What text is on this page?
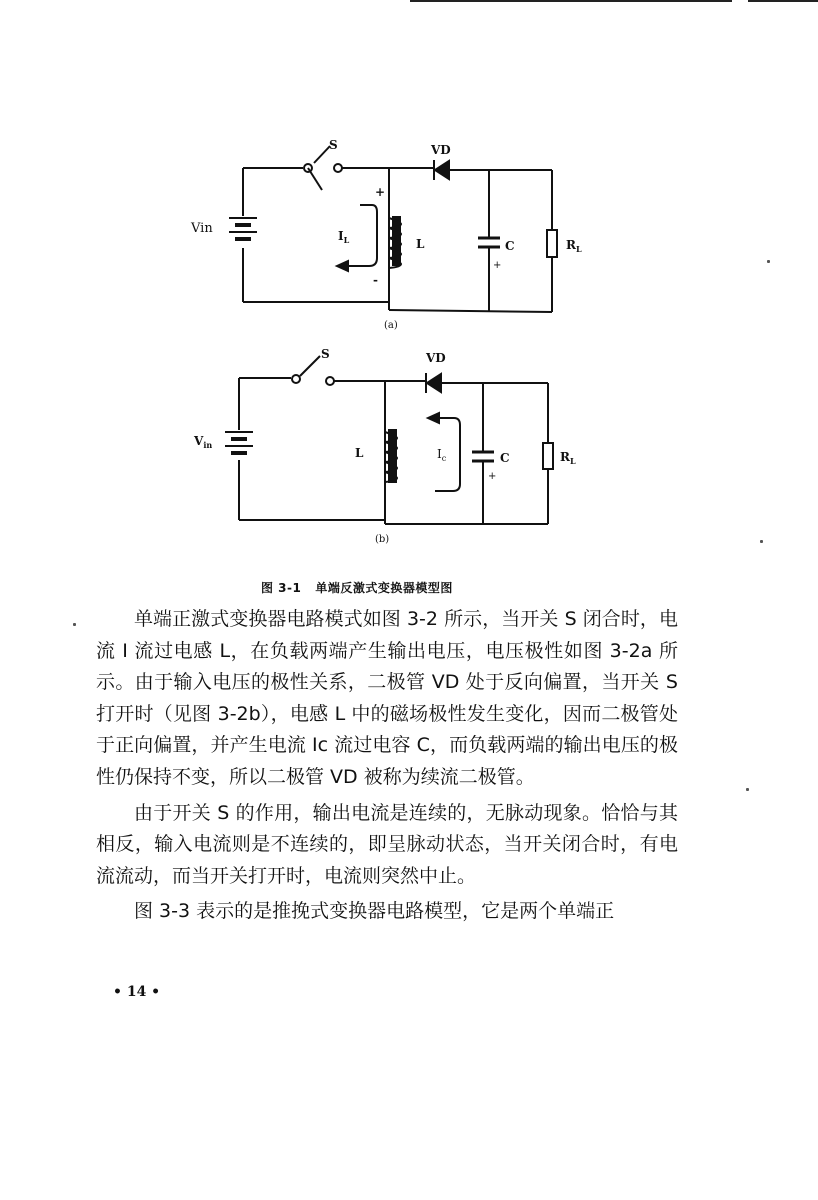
S	VD
Vin	$I_L$	L	C	$R_L$
+
-
+
(a)
S	VD
$V_{in}$
L	$I_c$	C	$R_L$
+
(b)
图 3-1 单端反激式变换器模型图

单端正激式变换器电路模式如图 3-2 所示，当开关 S 闭合时，电流 I 流过电感 L，在负载两端产生输出电压，电压极性如图 3-2a 所示。由于输入电压的极性关系，二极管 VD 处于反向偏置，当开关 S 打开时（见图 3-2b），电感 L 中的磁场极性发生变化，因而二极管处于正向偏置，并产生电流 Ic 流过电容 C，而负载两端的输出电压的极性仍保持不变，所以二极管 VD 被称为续流二极管。

由于开关 S 的作用，输出电流是连续的，无脉动现象。恰恰与其相反，输入电流则是不连续的，即呈脉动状态，当开关闭合时，有电流流动，而当开关打开时，电流则突然中止。

图 3-3 表示的是推挽式变换器电路模型，它是两个单端正

• 14 •
